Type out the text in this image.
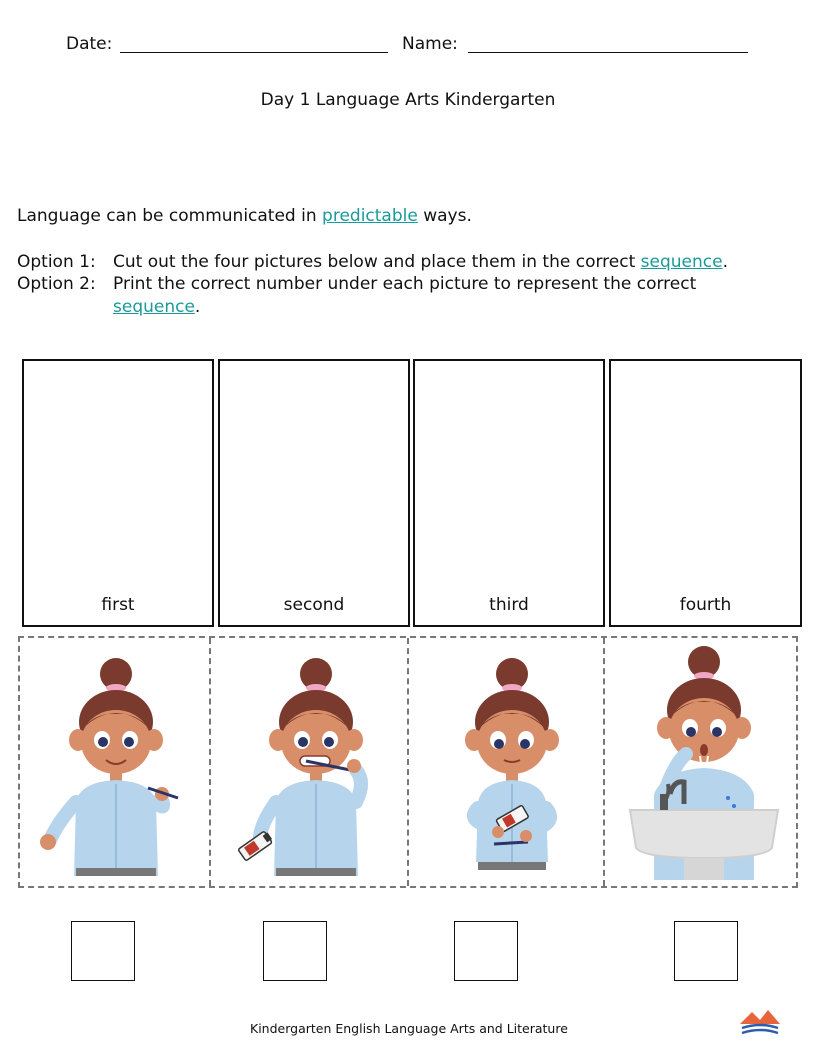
Date:	Name:
Day 1 Language Arts Kindergarten
Language can be communicated in predictable ways.
Option 1: Cut out the four pictures below and place them in the correct sequence.
Option 2: Print the correct number under each picture to represent the correct
sequence.
first	second	third	fourth
Kindergarten English Language Arts and Literature
